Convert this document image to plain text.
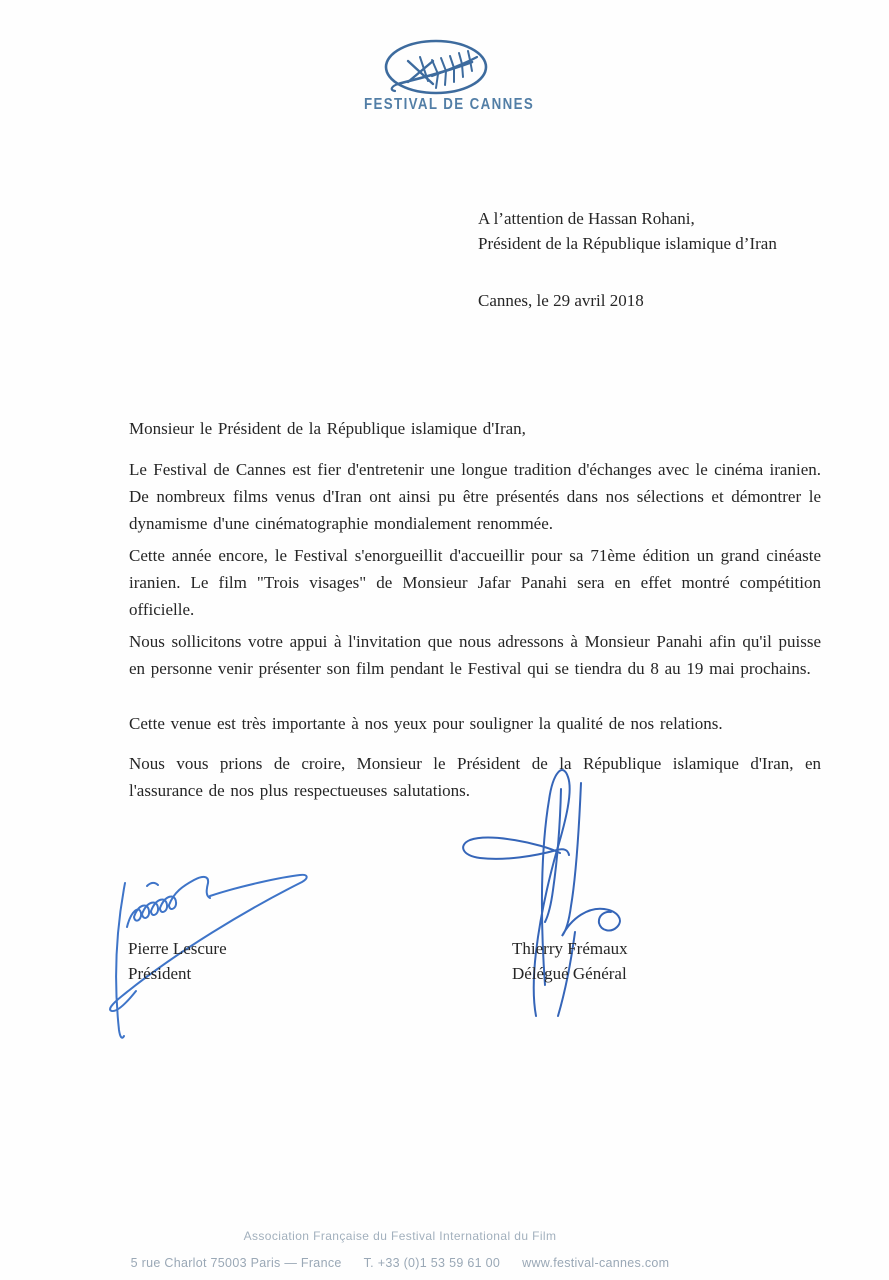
FESTIVAL DE CANNES
A l’attention de Hassan Rohani,
Président de la République islamique d’Iran
Cannes, le 29 avril 2018
Monsieur le Président de la République islamique d'Iran,
Le Festival de Cannes est fier d'entretenir une longue tradition d'échanges avec le cinéma iranien. De nombreux films venus d'Iran ont ainsi pu être présentés dans nos sélections et démontrer le dynamisme d'une cinématographie mondialement renommée.
Cette année encore, le Festival s'enorgueillit d'accueillir pour sa 71ème édition un grand cinéaste iranien. Le film "Trois visages" de Monsieur Jafar Panahi sera en effet montré compétition officielle.
Nous sollicitons votre appui à l'invitation que nous adressons à Monsieur Panahi afin qu'il puisse en personne venir présenter son film pendant le Festival qui se tiendra du 8 au 19 mai prochains.
Cette venue est très importante à nos yeux pour souligner la qualité de nos relations.
Nous vous prions de croire, Monsieur le Président de la République islamique d'Iran, en l'assurance de nos plus respectueuses salutations.
Pierre Lescure
Président
Thierry Frémaux
Délégué Général
Association Française du Festival International du Film
5 rue Charlot 75003 Paris — France T. +33 (0)1 53 59 61 00 www.festival-cannes.com
